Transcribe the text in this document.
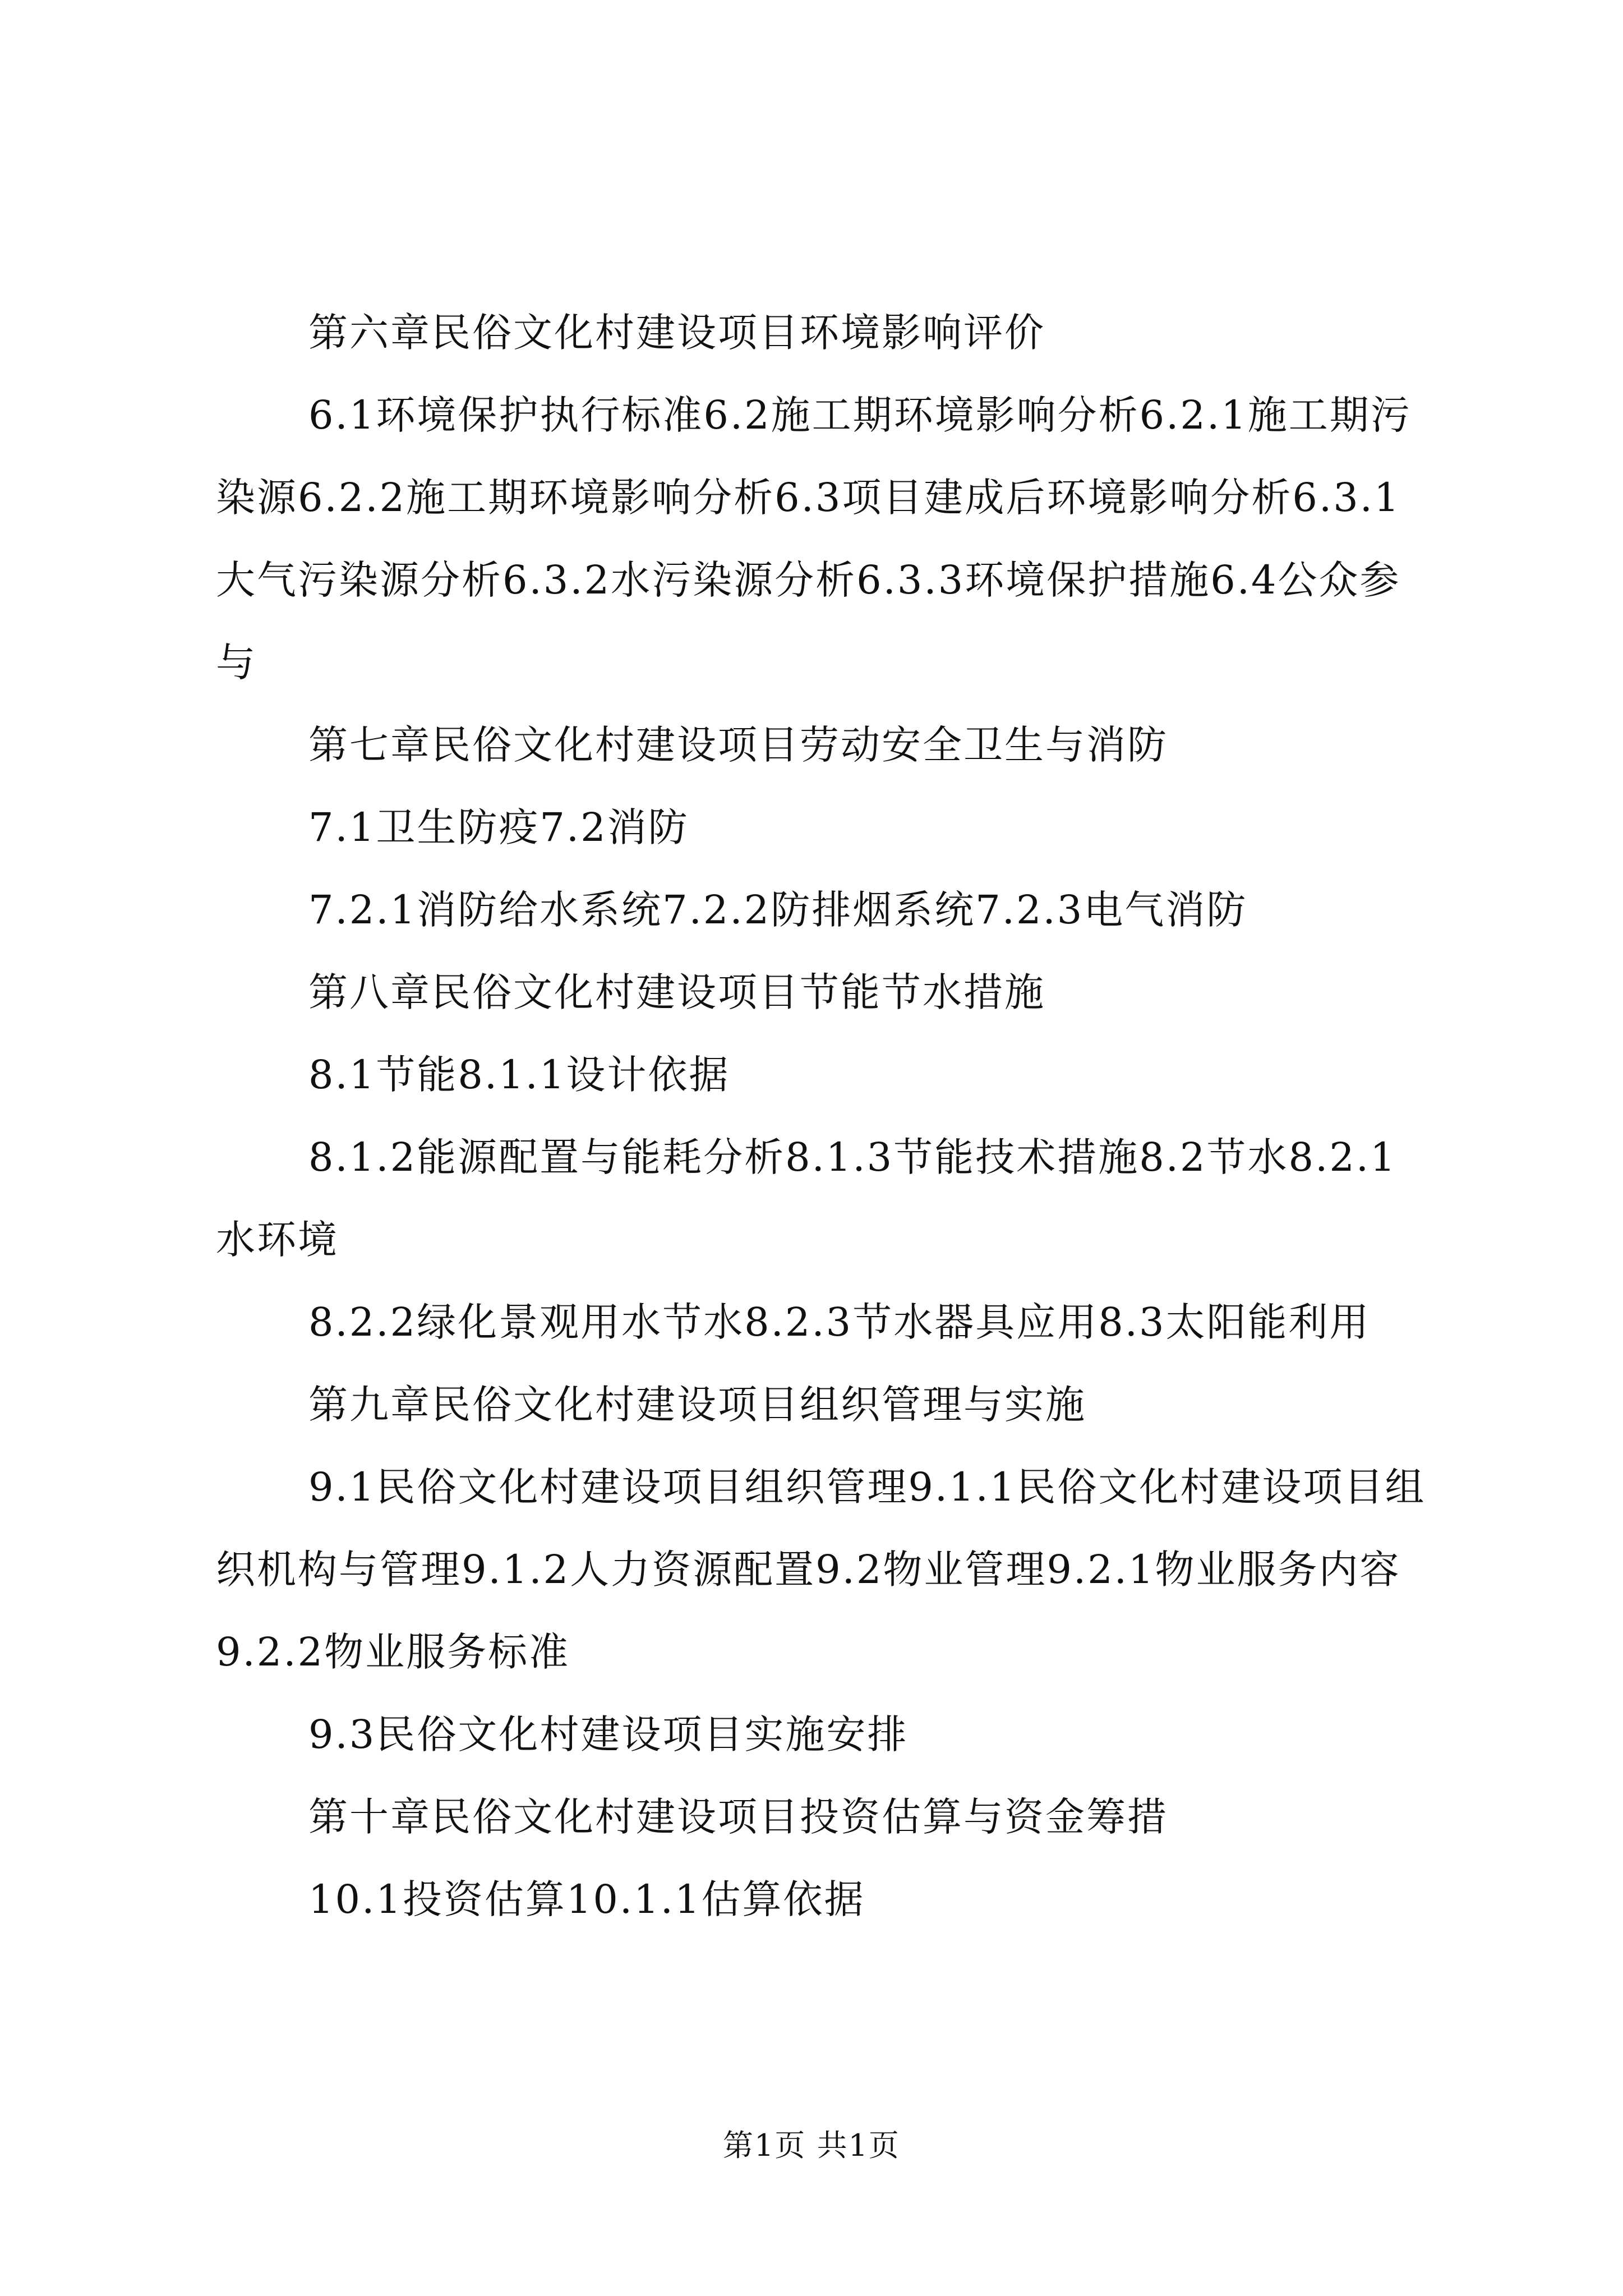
第六章民俗文化村建设项目环境影响评价

6.1环境保护执行标准6.2施工期环境影响分析6.2.1施工期污染源6.2.2施工期环境影响分析6.3项目建成后环境影响分析6.3.1大气污染源分析6.3.2水污染源分析6.3.3环境保护措施6.4公众参与

第七章民俗文化村建设项目劳动安全卫生与消防

7.1卫生防疫7.2消防

7.2.1消防给水系统7.2.2防排烟系统7.2.3电气消防

第八章民俗文化村建设项目节能节水措施

8.1节能8.1.1设计依据

8.1.2能源配置与能耗分析8.1.3节能技术措施8.2节水8.2.1水环境

8.2.2绿化景观用水节水8.2.3节水器具应用8.3太阳能利用

第九章民俗文化村建设项目组织管理与实施

9.1民俗文化村建设项目组织管理9.1.1民俗文化村建设项目组织机构与管理9.1.2人力资源配置9.2物业管理9.2.1物业服务内容9.2.2物业服务标准

9.3民俗文化村建设项目实施安排

第十章民俗文化村建设项目投资估算与资金筹措

10.1投资估算10.1.1估算依据

第1页 共1页
